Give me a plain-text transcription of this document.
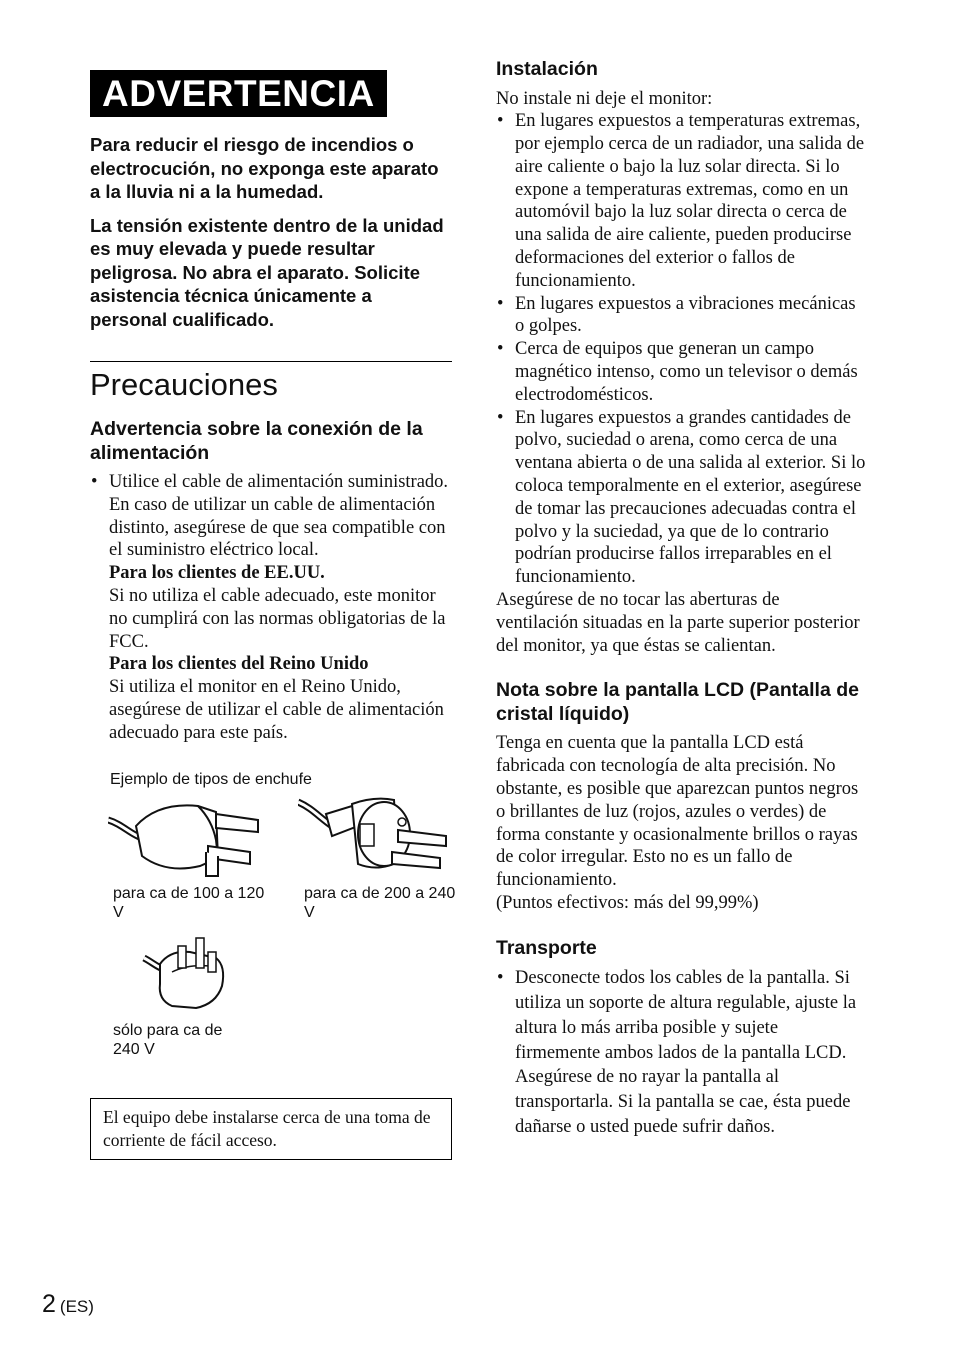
ADVERTENCIA

Para reducir el riesgo de incendios o electrocución, no exponga este aparato a la lluvia ni a la humedad.

La tensión existente dentro de la unidad es muy elevada y puede resultar peligrosa. No abra el aparato. Solicite asistencia técnica únicamente a personal cualificado.

Precauciones
Advertencia sobre la conexión de la alimentación
• Utilice el cable de alimentación suministrado. En caso de utilizar un cable de alimentación distinto, asegúrese de que sea compatible con el suministro eléctrico local.
Para los clientes de EE.UU.
Si no utiliza el cable adecuado, este monitor no cumplirá con las normas obligatorias de la FCC.
Para los clientes del Reino Unido
Si utiliza el monitor en el Reino Unido, asegúrese de utilizar el cable de alimentación adecuado para este país.
Ejemplo de tipos de enchufe
para ca de 100 a 120 V
para ca de 200 a 240 V
sólo para ca de 240 V
El equipo debe instalarse cerca de una toma de corriente de fácil acceso.
Instalación

No instale ni deje el monitor:

• En lugares expuestos a temperaturas extremas, por ejemplo cerca de un radiador, una salida de aire caliente o bajo la luz solar directa. Si lo expone a temperaturas extremas, como en un automóvil bajo la luz solar directa o cerca de una salida de aire caliente, pueden producirse deformaciones del exterior o fallos de funcionamiento.
• En lugares expuestos a vibraciones mecánicas o golpes.
• Cerca de equipos que generan un campo magnético intenso, como un televisor o demás electrodomésticos.
• En lugares expuestos a grandes cantidades de polvo, suciedad o arena, como cerca de una ventana abierta o de una salida al exterior. Si lo coloca temporalmente en el exterior, asegúrese de tomar las precauciones adecuadas contra el polvo y la suciedad, ya que de lo contrario podrían producirse fallos irreparables en el funcionamiento.

Asegúrese de no tocar las aberturas de ventilación situadas en la parte superior posterior del monitor, ya que éstas se calientan.

Nota sobre la pantalla LCD (Pantalla de cristal líquido)

Tenga en cuenta que la pantalla LCD está fabricada con tecnología de alta precisión. No obstante, es posible que aparezcan puntos negros o brillantes de luz (rojos, azules o verdes) de forma constante y ocasionalmente brillos o rayas de color irregular. Esto no es un fallo de funcionamiento.

(Puntos efectivos: más del 99,99%)

Transporte
• Desconecte todos los cables de la pantalla. Si utiliza un soporte de altura regulable, ajuste la altura lo más arriba posible y sujete firmemente ambos lados de la pantalla LCD. Asegúrese de no rayar la pantalla al transportarla. Si la pantalla se cae, ésta puede dañarse o usted puede sufrir daños.
2 (ES)
